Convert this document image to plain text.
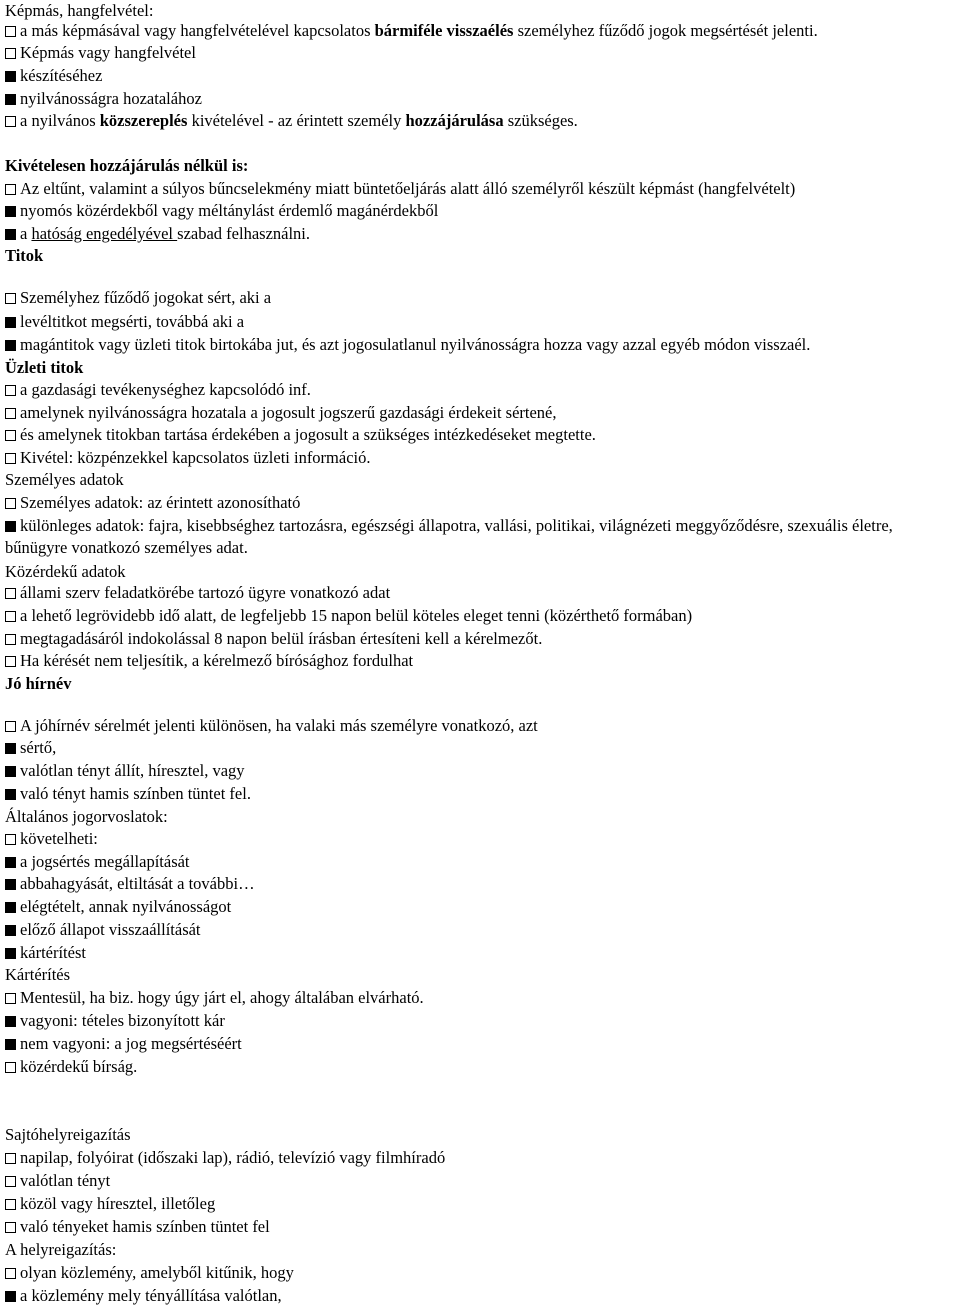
Képmás, hangfelvétel:
a más képmásával vagy hangfelvételével kapcsolatos bármiféle visszaélés személyhez fűződő jogok megsértését jelenti.
Képmás vagy hangfelvétel
készítéséhez
nyilvánosságra hozatalához
a nyilvános közszereplés kivételével - az érintett személy hozzájárulása szükséges.
Kivételesen hozzájárulás nélkül is:
Az eltűnt, valamint a súlyos bűncselekmény miatt büntetőeljárás alatt álló személyről készült képmást (hangfelvételt)
nyomós közérdekből vagy méltánylást érdemlő magánérdekből
a hatóság engedélyével szabad felhasználni.
Titok
Személyhez fűződő jogokat sért, aki a
levéltitkot megsérti, továbbá aki a
magántitok vagy üzleti titok birtokába jut, és azt jogosulatlanul nyilvánosságra hozza vagy azzal egyéb módon visszaél.
Üzleti titok
a gazdasági tevékenységhez kapcsolódó inf.
amelynek nyilvánosságra hozatala a jogosult jogszerű gazdasági érdekeit sértené,
és amelynek titokban tartása érdekében a jogosult a szükséges intézkedéseket megtette.
Kivétel: közpénzekkel kapcsolatos üzleti információ.
Személyes adatok
Személyes adatok: az érintett azonosítható
különleges adatok: fajra, kisebbséghez tartozásra, egészségi állapotra, vallási, politikai, világnézeti meggyőződésre, szexuális életre, bűnügyre vonatkozó személyes adat.
Közérdekű adatok
állami szerv feladatkörébe tartozó ügyre vonatkozó adat
a lehető legrövidebb idő alatt, de legfeljebb 15 napon belül köteles eleget tenni (közérthető formában)
megtagadásáról indokolással 8 napon belül írásban értesíteni kell a kérelmezőt.
Ha kérését nem teljesítik, a kérelmező bírósághoz fordulhat
Jó hírnév
A jóhírnév sérelmét jelenti különösen, ha valaki más személyre vonatkozó, azt
sértő,
valótlan tényt állít, híresztel, vagy
való tényt hamis színben tüntet fel.
Általános jogorvoslatok:
követelheti:
a jogsértés megállapítását
abbahagyását, eltiltását a további…
elégtételt, annak nyilvánosságot
előző állapot visszaállítását
kártérítést
Kártérítés
Mentesül, ha biz. hogy úgy járt el, ahogy általában elvárható.
vagyoni: tételes bizonyított kár
nem vagyoni: a jog megsértéséért
közérdekű bírság.
Sajtóhelyreigazítás
napilap, folyóirat (időszaki lap), rádió, televízió vagy filmhíradó
valótlan tényt
közöl vagy híresztel, illetőleg
való tényeket hamis színben tüntet fel
A helyreigazítás:
olyan közlemény, amelyből kitűnik, hogy
a közlemény mely tényállítása valótlan,
